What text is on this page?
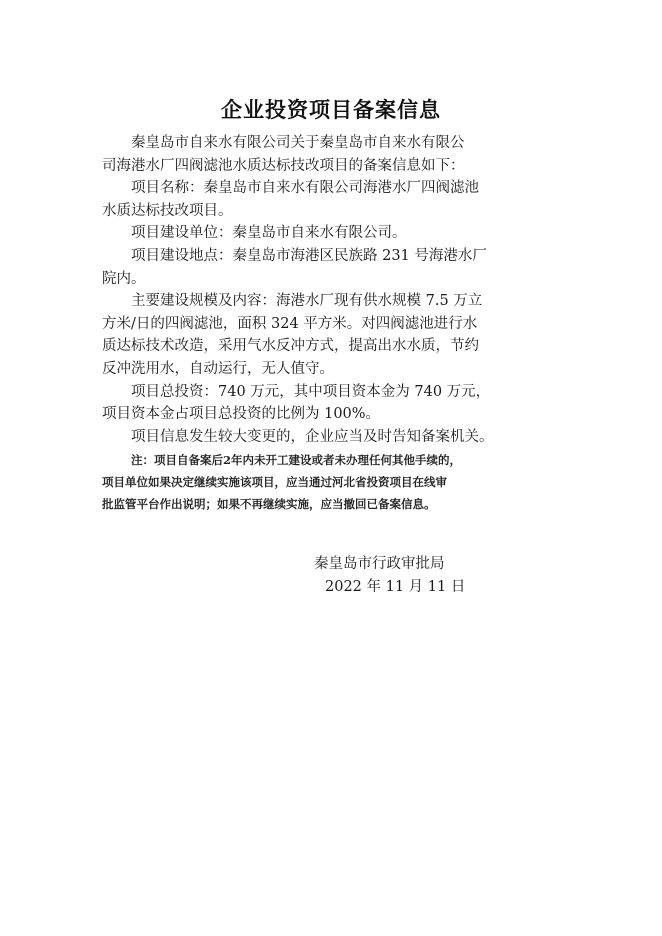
企业投资项目备案信息
秦皇岛市自来水有限公司关于秦皇岛市自来水有限公
司海港水厂四阀滤池水质达标技改项目的备案信息如下：
项目名称：秦皇岛市自来水有限公司海港水厂四阀滤池
水质达标技改项目。
项目建设单位：秦皇岛市自来水有限公司。
项目建设地点：秦皇岛市海港区民族路 231 号海港水厂
院内。
主要建设规模及内容：海港水厂现有供水规模 7.5 万立
方米/日的四阀滤池，面积 324 平方米。对四阀滤池进行水
质达标技术改造，采用气水反冲方式，提高出水水质，节约
反冲洗用水，自动运行，无人值守。
项目总投资：740 万元，其中项目资本金为 740 万元，
项目资本金占项目总投资的比例为 100%。
项目信息发生较大变更的，企业应当及时告知备案机关。
注：项目自备案后2年内未开工建设或者未办理任何其他手续的，
项目单位如果决定继续实施该项目，应当通过河北省投资项目在线审
批监管平台作出说明；如果不再继续实施，应当撤回已备案信息。
秦皇岛市行政审批局
2022 年 11 月 11 日
